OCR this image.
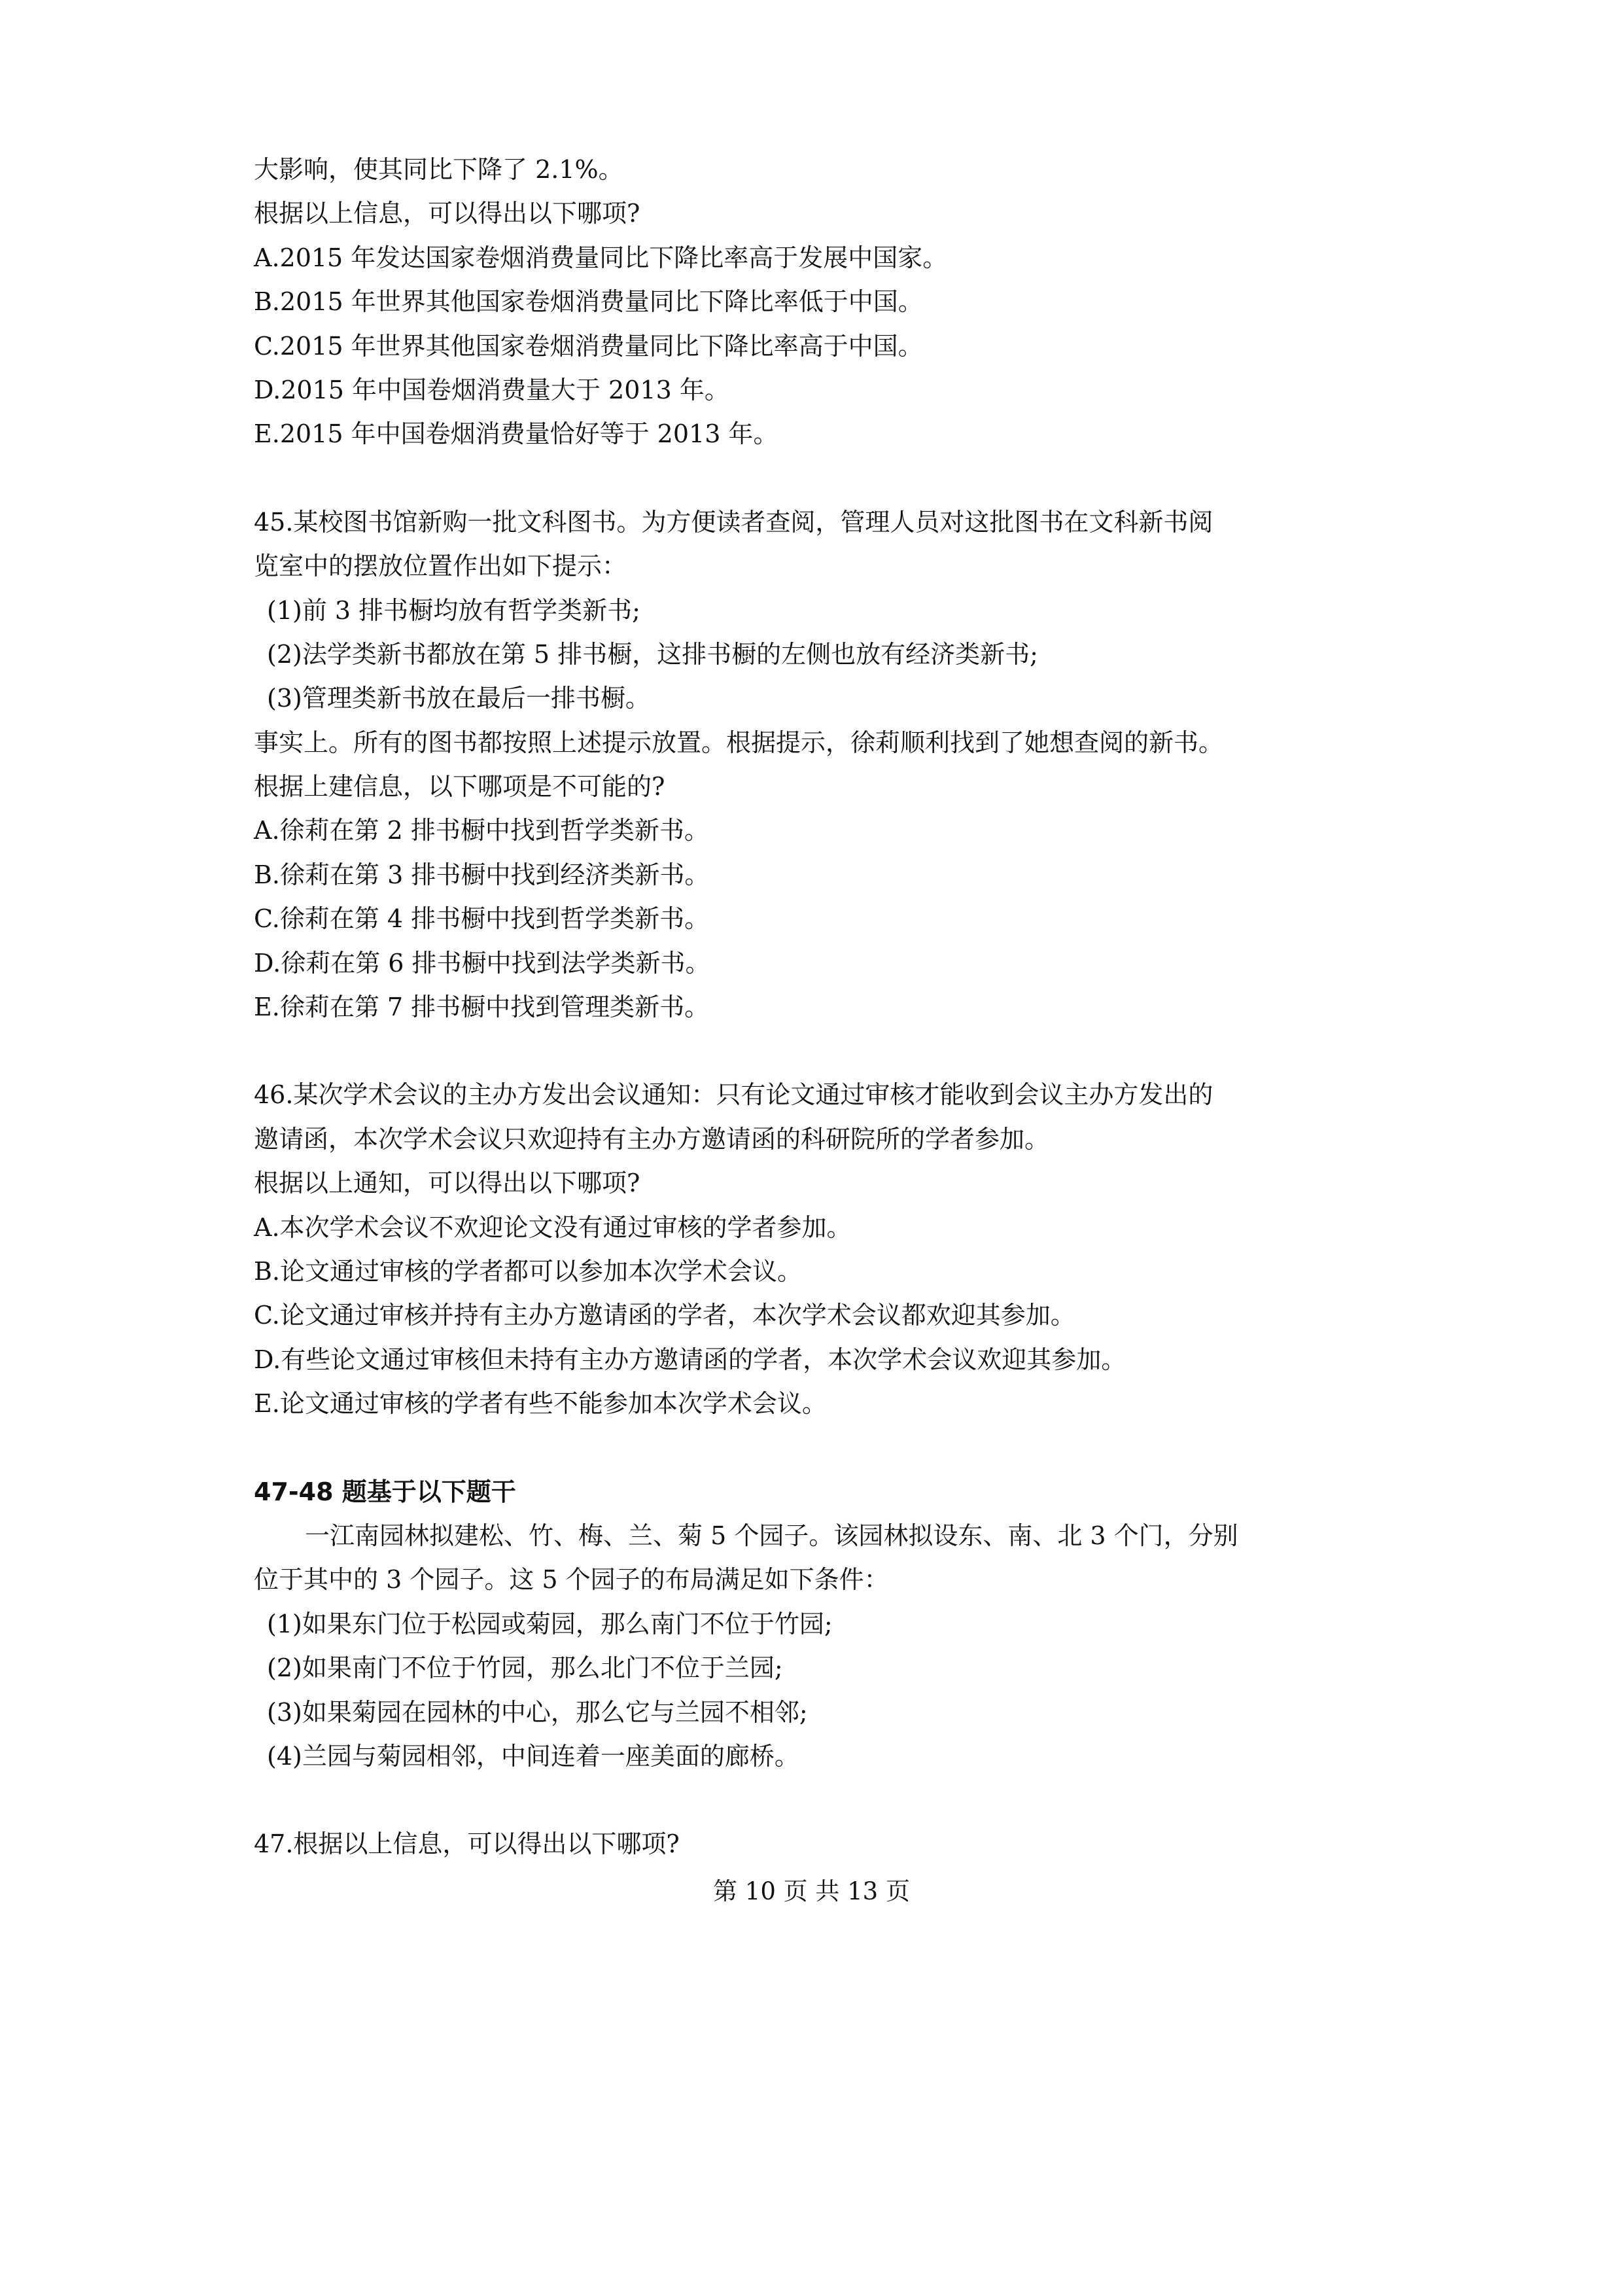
大影响，使其同比下降了 2.1%。
根据以上信息，可以得出以下哪项?
A.2015 年发达国家卷烟消费量同比下降比率高于发展中国家。
B.2015 年世界其他国家卷烟消费量同比下降比率低于中国。
C.2015 年世界其他国家卷烟消费量同比下降比率高于中国。
D.2015 年中国卷烟消费量大于 2013 年。
E.2015 年中国卷烟消费量恰好等于 2013 年。
45.某校图书馆新购一批文科图书。为方便读者查阅，管理人员对这批图书在文科新书阅
览室中的摆放位置作出如下提示：
(1)前 3 排书橱均放有哲学类新书;
(2)法学类新书都放在第 5 排书橱，这排书橱的左侧也放有经济类新书;
(3)管理类新书放在最后一排书橱。
事实上。所有的图书都按照上述提示放置。根据提示，徐莉顺利找到了她想查阅的新书。
根据上建信息，以下哪项是不可能的?
A.徐莉在第 2 排书橱中找到哲学类新书。
B.徐莉在第 3 排书橱中找到经济类新书。
C.徐莉在第 4 排书橱中找到哲学类新书。
D.徐莉在第 6 排书橱中找到法学类新书。
E.徐莉在第 7 排书橱中找到管理类新书。
46.某次学术会议的主办方发出会议通知：只有论文通过审核才能收到会议主办方发出的
邀请函，本次学术会议只欢迎持有主办方邀请函的科研院所的学者参加。
根据以上通知，可以得出以下哪项?
A.本次学术会议不欢迎论文没有通过审核的学者参加。
B.论文通过审核的学者都可以参加本次学术会议。
C.论文通过审核并持有主办方邀请函的学者，本次学术会议都欢迎其参加。
D.有些论文通过审核但未持有主办方邀请函的学者，本次学术会议欢迎其参加。
E.论文通过审核的学者有些不能参加本次学术会议。
47-48 题基于以下题干
一江南园林拟建松、竹、梅、兰、菊 5 个园子。该园林拟设东、南、北 3 个门，分别
位于其中的 3 个园子。这 5 个园子的布局满足如下条件：
(1)如果东门位于松园或菊园，那么南门不位于竹园;
(2)如果南门不位于竹园，那么北门不位于兰园;
(3)如果菊园在园林的中心，那么它与兰园不相邻;
(4)兰园与菊园相邻，中间连着一座美面的廊桥。
47.根据以上信息，可以得出以下哪项?
第 10 页 共 13 页
